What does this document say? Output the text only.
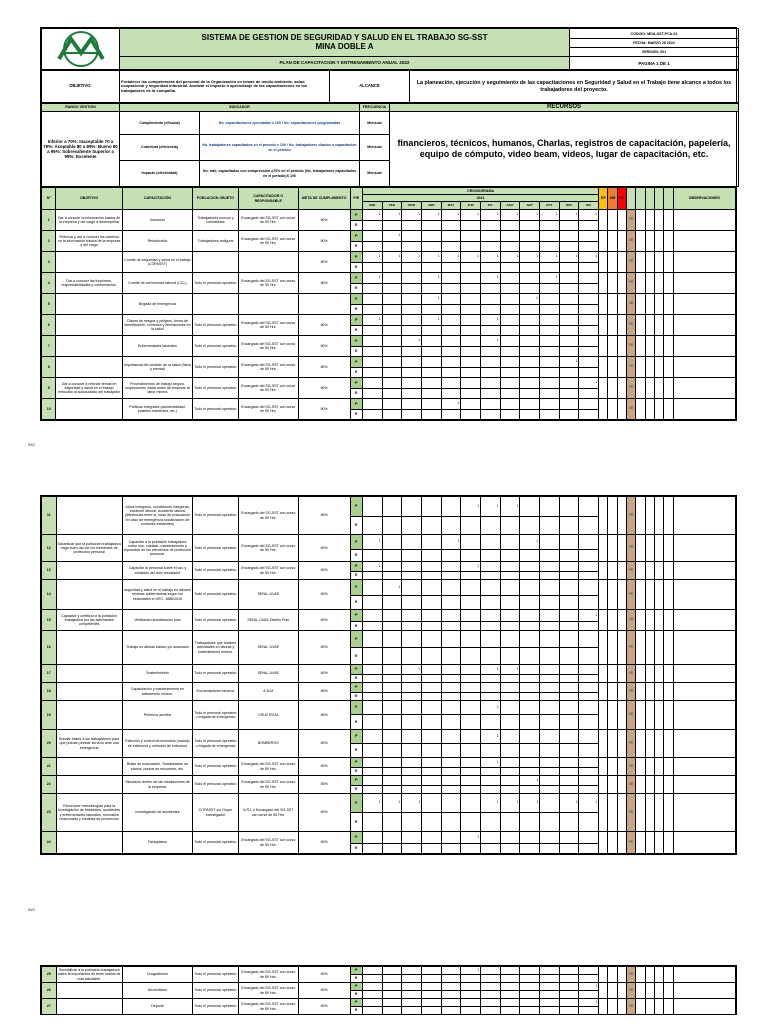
SISTEMA DE GESTION DE SEGURIDAD Y SALUD EN EL TRABAJO SG-SST
MINA DOBLE A	CÓDIGO: MDA-SST-PCA-01
		FECHA: MARZO 28 2022
		VERSIÓN: 001
	PLAN DE CAPACITACION Y ENTRENAMIENTO ANUAL 2022	PAGINA 1 DE 1
OBJETIVO:	Fortalecer las competencias del personal de la Organización en temas de medio ambiente, salud ocupacional y seguridad industrial. Analizar el impacto o aprendizaje de las capacitaciones en los trabajadores de la compañía.	ALCANCE	La planeación, ejecución y seguimiento de las capacitaciones en Seguridad y Salud en el Trabajo tiene alcance a todos los trabajadores del proyecto.
RANGO GESTION	INDICADOR		FRECUENCIA	RECURSOS
Inferior a 70%: Inaceptable 70 a 79%: Aceptable 80 a 89%: Bueno 90 a 95%: Sobresaliente Superior a 95%: Excelente	Cumplimiento (eficacia)	No. capacitaciones ejecutadas x 100 / No. capacitaciones programadas	Mensual	financieros, técnicos, humanos, Charlas, registros de capacitación, papelería, equipo de cómputo, video beam, videos, lugar de capacitación, etc.
	Cobertura (eficiencia)	No. trabajadores capacitados en el periodo x 100 / No. trabajadores citados a capacitación en el periodo	Mensual	
	Impacto (efectividad)	No. trab. capacitados con comprensión ≥70% en el periodo (No. trabajadores capacitados en el periodo)X 100	Mensual	
N°	OBJETIVO	CAPACITACIÓN	POBLACION OBJETO	CAPACITADOR O RESPONSABLE	META DE CUMPLIMIENTO	P/E	CRONOGRAMA												EP	I/M	EC						OBSERVACIONES
							2021																				
							ENE	FEB	MAR	ABR	MAY	JUN	JUL	AGO	SEP	OCT	NOV	DIC									
1	Dar a conocer la información básica de la empresa y del cargo a desempeñar	Inducción	Trabajadores nuevos y contratistas	Encargado del SG-SST con curso de 50 Hrs.	80%	P	1	1	1	1	1	1	1	1	1	1	1	1				PE					
						E																					
2	Reforzar y dar a conocer los cambios en la información básica de la empresa y del cargo	Reinducción	Trabajadores antiguos	Encargado del SG-SST con curso de 50 Hrs.	80%	P		1														OK					
						E																					
3		Comité de seguridad y salud en el trabajo (COPASST)			80%	P	1	1	1	1	1	1	1	1	1	1	1	1				PE					
						E																					
4	Dar a conocer las funciones, responsabilidades y conformación.	Comité de convivencia laboral (CCL)	Todo el personal operativo	Encargado del SG-SST con curso de 50 Hrs.	80%	P	1			1			1			1						PE					
						E																					
5		Brigada de emergencia				P				1					1							OK					
						E																					
6		Clases de riesgos y peligros, forma de identificación, controles y afectaciones en la salud	Todo el personal operativo	Encargado del SG-SST con curso de 50 Hrs.	80%	P	1			1			1									PE					
						E																					
7		Enfermedades laborales	Todo el personal operativo	Encargado del SG-SST con curso de 50 Hrs.	80%	P			1				1									PE					
						E																					
8		Importancia del cuidado de la salud (físico y mental)	Todo el personal operativo	Encargado del SG-SST con curso de 50 Hrs.	80%	P											1					PE					
						E																					
9	Dar a conocer a reforzar temas en seguridad y salud en el trabajo enfocado al autocuidado del trabajador	Procedimientos de trabajo seguro, inspecciones inicial antes de empezar la labor minera	Todo el personal operativo	Encargado del SG-SST con curso de 50 Hrs.	80%	P												1				PE					
						E																					
10		Políticas integrales (accidentalidad, posibles incidentes, etc.)	Todo el personal operativo	Encargado del SG-SST con curso de 50 Hrs.	80%	P					1											OK					
						E																					
ING
11		Actos inseguros, condiciones inseguras, incidente laboral, accidente laboral (diferencias entre si, rutas de evacuación en caso de emergencia,socialización de controles existentes)	Todo el personal operativo	Encargado del SG-SST con curso de 50 Hrs.	80%	P						1	1	1								PE					
						E																					
12	Garantizar que la población trabajadora haga buen uso de los elementos de protección personal	Capacitar a la población trabajadora sobre uso, cuidado, mantenimiento y reposición de los elementos de protección personal.	Todo el personal operativo	Encargado del SG-SST con curso de 50 Hrs.	80%	P	1				1				1							PE					
						E																					
13		Capacitar al personal sobre el uso y cuidados del auto rescatador	Todo el personal operativo	Encargado del SG-SST con curso de 50 Hrs.	80%	P	1					1										PE					
						E																					
14		seguridad y salud en el trabajo en labores mineras subterráneas según los estándares el DEC. 1886/2015	Todo el personal operativo	SENA- UVAE	80%	P		1														PE					
						E																					
15	Capacitar y certificar a la población trabajadora por las actividades competentes	Ventilación socialización plan	Todo el personal operativo	SENA- UVAE Diseño Plan	80%	P												1				OK					
						E																					
16		Trabajo en alturas básico y/o avanzado	Trabajadores que realicen actividades en alturas y sostenimiento minero.	SENA- UVAE	80%	P																PE					
						E																					
17		Sostenimiento	Todo el personal operativo	SENA- UVAE	80%	P			1				1	1								PE					
						E																					
18		Capacitación y mantenimiento en salvamento minero.	Encuentadores mineros	A.N.M	80%	P																PE					
						E																					
19		Primeros auxilios	Todo el personal operativo o brigada de emergencia	CRUZ ROJA	80%	P							1									OK					
						E																					
20	Brindar bases a los trabajadores para que puedan prestar servicio ante una emergencia	Extinción y control de incendios (manejo de extintores y métodos de extinción)	Todo el personal operativo o brigada de emergencia	BOMBEROS	80%	P							1									PE					
						E																					
21		Rutas de evacuación. Socialización de planos, puntos de encuentro, etc.	Todo el personal operativo	Encargado del SG-SST con curso de 50 Hrs.	80%	P							1									PE					
						E																					
22		Simulacro dentro de las instalaciones de la empresa.	Todo el personal operativo	Encargado del SG-SST con curso de 50 Hrs.	80%	P									1							OK					
						E																					
23	Reconocer metodologías para la investigación de incidentes, accidentes y enfermedades laborales, normativa relacionada y medidas de prevención	Investigación de accidentes	COPASST y/o Grupo investigador	A.R.L o Encargado del SG-SST con curso de 50 Hrs.	80%	P	1	1	1				1	1	1		1	1				PE					
						E																					
24		Tabaquismo	Todo el personal operativo	Encargado del SG-SST con curso de 50 Hrs.	80%	P						1										PE					
						E																					
ING
25	Sensibilizar a la población trabajadora sobre la importancia de tener estilos de vida saludable.	Drogadicción	Todo el personal operativo	Encargado del SG-SST con curso de 50 Hrs.	80%	P						1										PE					
						E																					
26		Alcoholismo	Todo el personal operativo	Encargado del SG-SST con curso de 50 Hrs.	80%	P												1				PE					
						E																					
27		Deporte	Todo el personal operativo	Encargado del SG-SST con curso de 50 Hrs.	80%	P												1				PE					
						E																					
